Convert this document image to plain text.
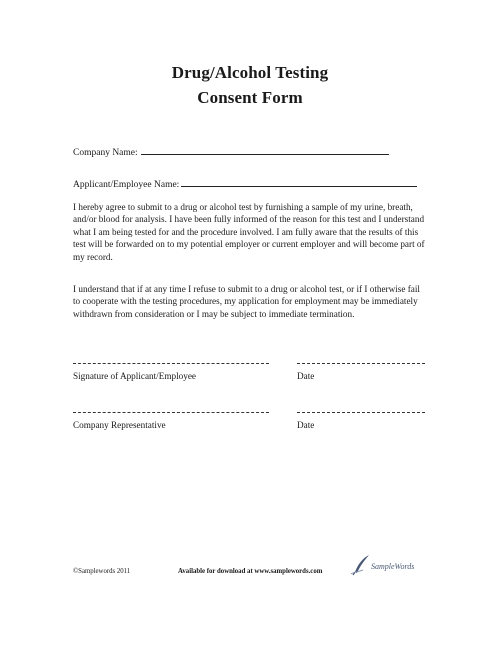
Drug/Alcohol Testing
Consent Form
Company Name:
Applicant/Employee Name:

I hereby agree to submit to a drug or alcohol test by furnishing a sample of my urine, breath, and/or blood for analysis. I have been fully informed of the reason for this test and I understand what I am being tested for and the procedure involved. I am fully aware that the results of this test will be forwarded on to my potential employer or current employer and will become part of my record.

I understand that if at any time I refuse to submit to a drug or alcohol test, or if I otherwise fail to cooperate with the testing procedures, my application for employment may be immediately withdrawn from consideration or I may be subject to immediate termination.

Signature of Applicant/Employee	Date
Company Representative	Date
©Samplewords 2011	Available for download at www.samplewords.com
SampleWords
